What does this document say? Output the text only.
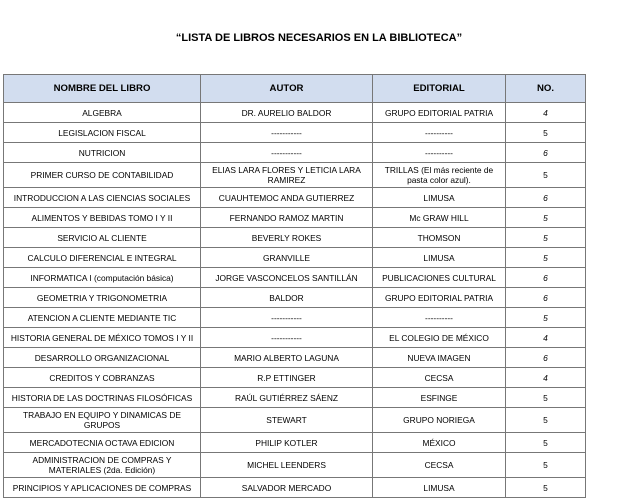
“LISTA DE LIBROS NECESARIOS EN LA BIBLIOTECA”
NOMBRE DEL LIBRO	AUTOR	EDITORIAL	NO.
ALGEBRA	DR. AURELIO BALDOR	GRUPO EDITORIAL PATRIA	4
LEGISLACION FISCAL	-----------	----------	5
NUTRICION	-----------	----------	6
PRIMER CURSO DE CONTABILIDAD	ELIAS LARA FLORES Y LETICIA LARA RAMIREZ	TRILLAS (El más reciente de pasta color azul).	5
INTRODUCCION A LAS CIENCIAS SOCIALES	CUAUHTEMOC ANDA GUTIERREZ	LIMUSA	6
ALIMENTOS Y BEBIDAS TOMO I Y II	FERNANDO RAMOZ MARTIN	Mc GRAW HILL	5
SERVICIO AL CLIENTE	BEVERLY ROKES	THOMSON	5
CALCULO DIFERENCIAL E INTEGRAL	GRANVILLE	LIMUSA	5
INFORMATICA I (computación básica)	JORGE VASCONCELOS SANTILLÁN	PUBLICACIONES CULTURAL	6
GEOMETRIA Y TRIGONOMETRIA	BALDOR	GRUPO EDITORIAL PATRIA	6
ATENCION A CLIENTE MEDIANTE TIC	-----------	----------	5
HISTORIA GENERAL DE MÉXICO TOMOS I Y II	-----------	EL COLEGIO DE MÉXICO	4
DESARROLLO ORGANIZACIONAL	MARIO ALBERTO LAGUNA	NUEVA IMAGEN	6
CREDITOS Y COBRANZAS	R.P ETTINGER	CECSA	4
HISTORIA DE LAS DOCTRINAS FILOSÓFICAS	RAÚL GUTIÉRREZ SÁENZ	ESFINGE	5
TRABAJO EN EQUIPO Y DINAMICAS DE GRUPOS	STEWART	GRUPO NORIEGA	5
MERCADOTECNIA OCTAVA EDICION	PHILIP KOTLER	MÉXICO	5
ADMINISTRACION DE COMPRAS Y MATERIALES (2da. Edición)	MICHEL LEENDERS	CECSA	5
PRINCIPIOS Y APLICACIONES DE COMPRAS	SALVADOR MERCADO	LIMUSA	5
